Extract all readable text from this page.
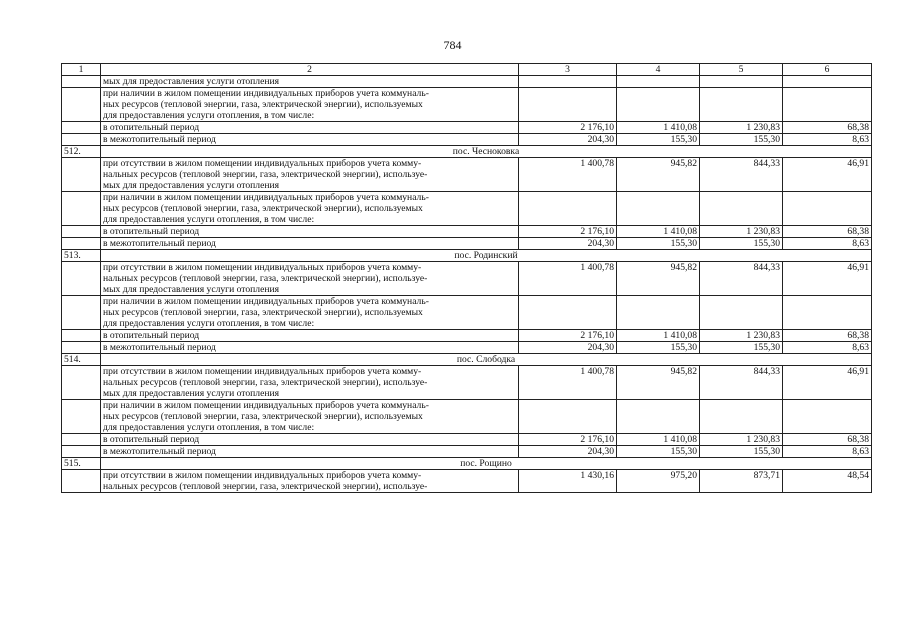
784
1	2	3	4	5	6

	мых для предоставления услуги отопления				

	при наличии в жилом помещении индивидуальных приборов учета коммуналь-
ных ресурсов (тепловой энергии, газа, электрической энергии), используемых
для предоставления услуги отопления, в том числе:				

	в отопительный период	2 176,10	1 410,08	1 230,83	68,38

	в межотопительный период	204,30	155,30	155,30	8,63
512.	пос. Чесноковка				

	при отсутствии в жилом помещении индивидуальных приборов учета комму-
нальных ресурсов (тепловой энергии, газа, электрической энергии), используе-
мых для предоставления услуги отопления	1 400,78	945,82	844,33	46,91

	при наличии в жилом помещении индивидуальных приборов учета коммуналь-
ных ресурсов (тепловой энергии, газа, электрической энергии), используемых
для предоставления услуги отопления, в том числе:				

	в отопительный период	2 176,10	1 410,08	1 230,83	68,38

	в межотопительный период	204,30	155,30	155,30	8,63
513.	пос. Родинский				

	при отсутствии в жилом помещении индивидуальных приборов учета комму-
нальных ресурсов (тепловой энергии, газа, электрической энергии), используе-
мых для предоставления услуги отопления	1 400,78	945,82	844,33	46,91

	при наличии в жилом помещении индивидуальных приборов учета коммуналь-
ных ресурсов (тепловой энергии, газа, электрической энергии), используемых
для предоставления услуги отопления, в том числе:				

	в отопительный период	2 176,10	1 410,08	1 230,83	68,38

	в межотопительный период	204,30	155,30	155,30	8,63
514.	пос. Слободка				

	при отсутствии в жилом помещении индивидуальных приборов учета комму-
нальных ресурсов (тепловой энергии, газа, электрической энергии), используе-
мых для предоставления услуги отопления	1 400,78	945,82	844,33	46,91

	при наличии в жилом помещении индивидуальных приборов учета коммуналь-
ных ресурсов (тепловой энергии, газа, электрической энергии), используемых
для предоставления услуги отопления, в том числе:				

	в отопительный период	2 176,10	1 410,08	1 230,83	68,38

	в межотопительный период	204,30	155,30	155,30	8,63
515.	пос. Рощино				

	при отсутствии в жилом помещении индивидуальных приборов учета комму-
нальных ресурсов (тепловой энергии, газа, электрической энергии), используе-	1 430,16	975,20	873,71	48,54
